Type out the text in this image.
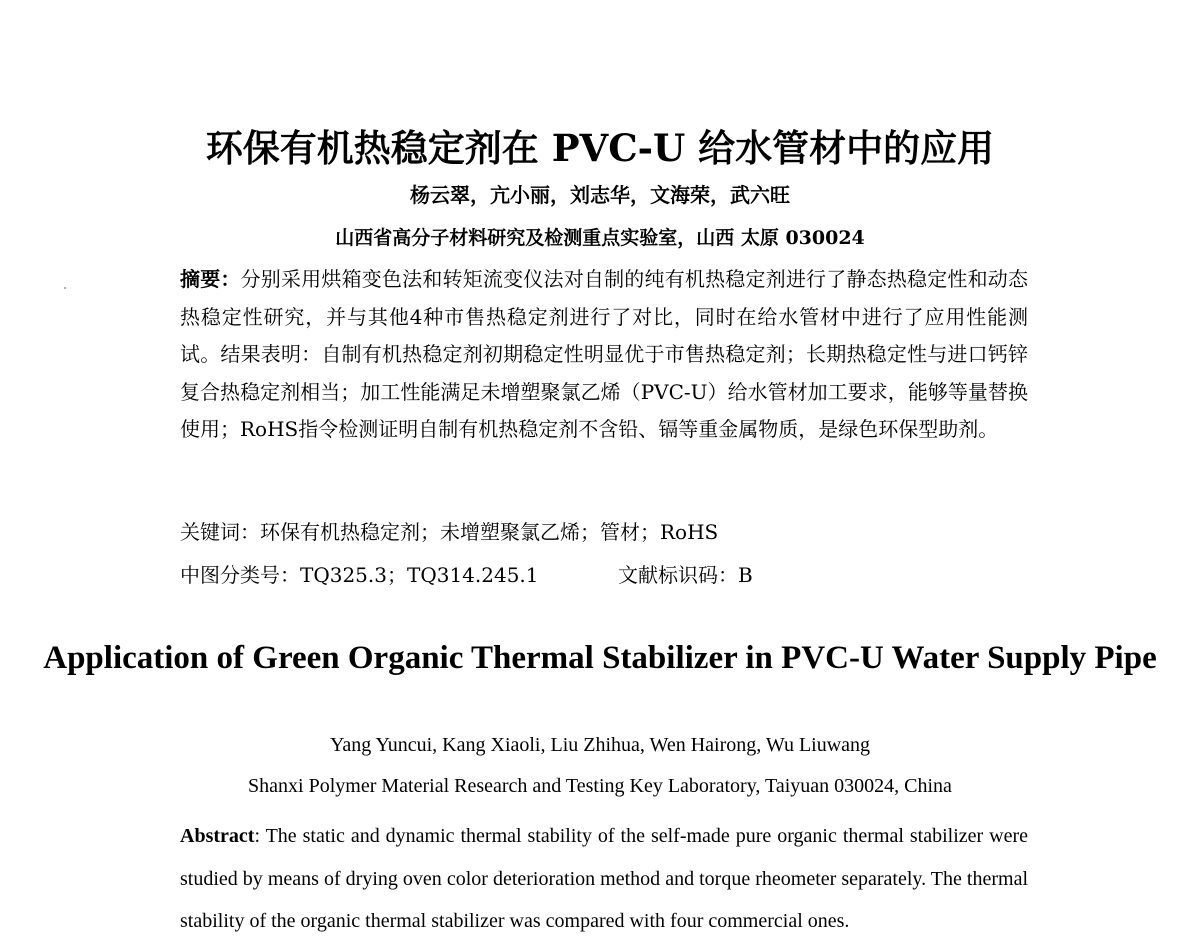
环保有机热稳定剂在 PVC-U 给水管材中的应用
杨云翠，亢小丽，刘志华，文海荣，武六旺
山西省高分子材料研究及检测重点实验室，山西 太原 030024

摘要：分别采用烘箱变色法和转矩流变仪法对自制的纯有机热稳定剂进行了静态热稳定性和动态热稳定性研究，并与其他4种市售热稳定剂进行了对比，同时在给水管材中进行了应用性能测试。结果表明：自制有机热稳定剂初期稳定性明显优于市售热稳定剂；长期热稳定性与进口钙锌复合热稳定剂相当；加工性能满足未增塑聚氯乙烯（PVC-U）给水管材加工要求，能够等量替换使用；RoHS指令检测证明自制有机热稳定剂不含铅、镉等重金属物质，是绿色环保型助剂。

关键词：环保有机热稳定剂；未增塑聚氯乙烯；管材；RoHS
中图分类号：TQ325.3；TQ314.245.1	文献标识码：B
Application of Green Organic Thermal Stabilizer in PVC-U Water Supply Pipe
Yang Yuncui, Kang Xiaoli, Liu Zhihua, Wen Hairong, Wu Liuwang
Shanxi Polymer Material Research and Testing Key Laboratory, Taiyuan 030024, China

Abstract: The static and dynamic thermal stability of the self-made pure organic thermal stabilizer were studied by means of drying oven color deterioration method and torque rheometer separately. The thermal stability of the organic thermal stabilizer was compared with four commercial ones.
